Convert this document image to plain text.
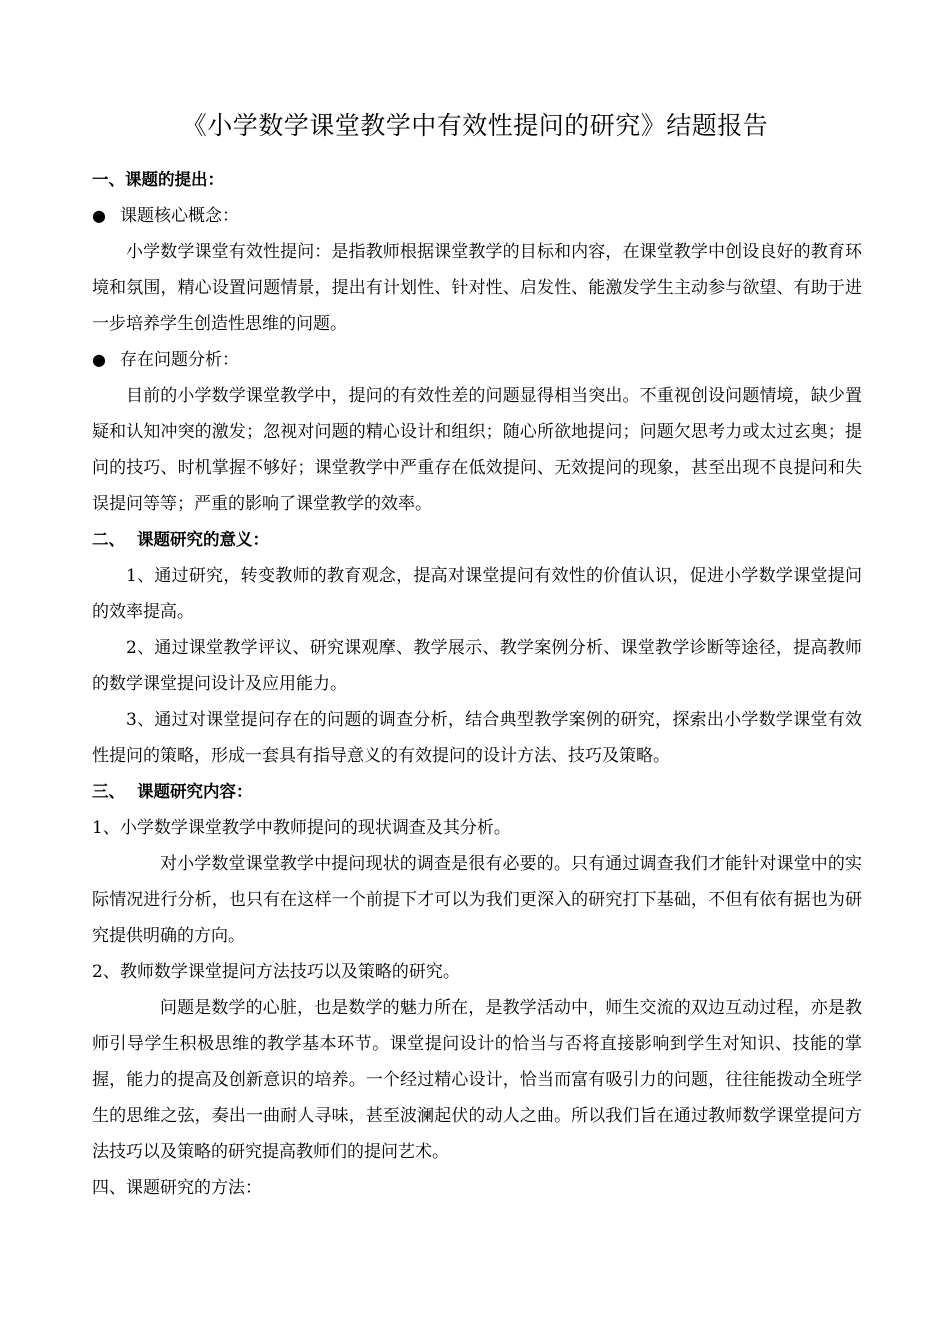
《小学数学课堂教学中有效性提问的研究》结题报告
一、课题的提出：
● 课题核心概念：

小学数学课堂有效性提问：是指教师根据课堂教学的目标和内容，在课堂教学中创设良好的教育环境和氛围，精心设置问题情景，提出有计划性、针对性、启发性、能激发学生主动参与欲望、有助于进一步培养学生创造性思维的问题。

● 存在问题分析：

目前的小学数学课堂教学中，提问的有效性差的问题显得相当突出。不重视创设问题情境，缺少置疑和认知冲突的激发；忽视对问题的精心设计和组织；随心所欲地提问；问题欠思考力或太过玄奥；提问的技巧、时机掌握不够好；课堂教学中严重存在低效提问、无效提问的现象，甚至出现不良提问和失误提问等等；严重的影响了课堂教学的效率。

二、 课题研究的意义：

1、通过研究，转变教师的教育观念，提高对课堂提问有效性的价值认识，促进小学数学课堂提问的效率提高。

2、通过课堂教学评议、研究课观摩、教学展示、教学案例分析、课堂教学诊断等途径，提高教师的数学课堂提问设计及应用能力。

3、通过对课堂提问存在的问题的调查分析，结合典型教学案例的研究，探索出小学数学课堂有效性提问的策略，形成一套具有指导意义的有效提问的设计方法、技巧及策略。

三、 课题研究内容：
1、小学数学课堂教学中教师提问的现状调查及其分析。

对小学数堂课堂教学中提问现状的调查是很有必要的。只有通过调查我们才能针对课堂中的实际情况进行分析，也只有在这样一个前提下才可以为我们更深入的研究打下基础，不但有依有据也为研究提供明确的方向。

2、教师数学课堂提问方法技巧以及策略的研究。

问题是数学的心脏，也是数学的魅力所在，是教学活动中，师生交流的双边互动过程，亦是教师引导学生积极思维的教学基本环节。课堂提问设计的恰当与否将直接影响到学生对知识、技能的掌握，能力的提高及创新意识的培养。一个经过精心设计，恰当而富有吸引力的问题，往往能拨动全班学生的思维之弦，奏出一曲耐人寻味，甚至波澜起伏的动人之曲。所以我们旨在通过教师数学课堂提问方法技巧以及策略的研究提高教师们的提问艺术。

四、课题研究的方法：
